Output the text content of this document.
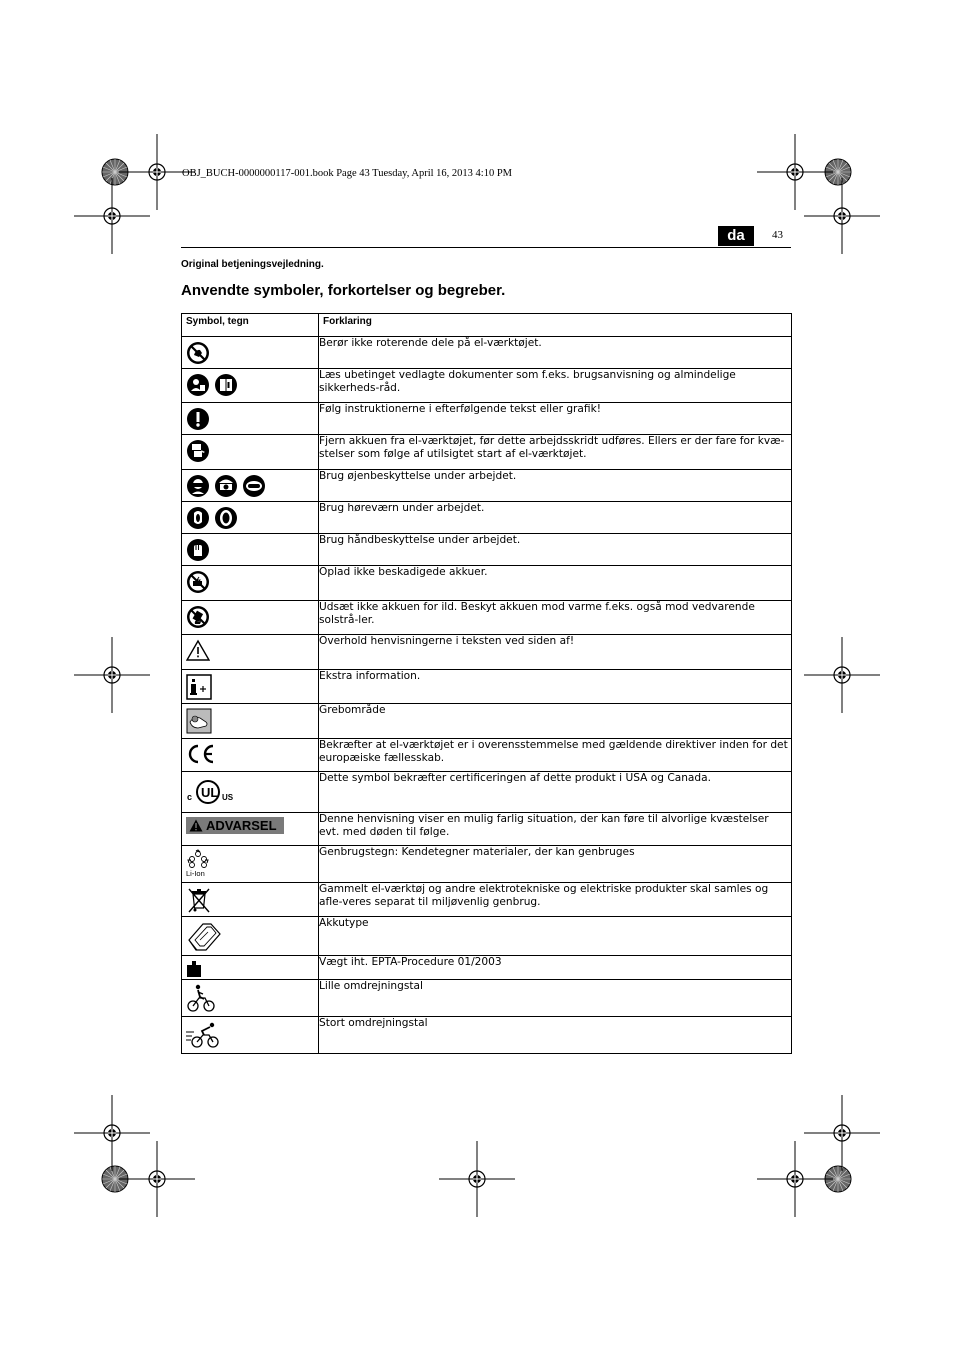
OBJ_BUCH-0000000117-001.book Page 43 Tuesday, April 16, 2013 4:10 PM
da	43
Original betjeningsvejledning.
Anvendte symboler, forkortelser og begreber.
Symbol, tegn	Forklaring

	Berør ikke roterende dele på el-værktøjet.

	Læs ubetinget vedlagte dokumenter som f.eks. brugsanvisning og almindelige sikkerheds-råd.

	Følg instruktionerne i efterfølgende tekst eller grafik!

	Fjern akkuen fra el-værktøjet, før dette arbejdsskridt udføres. Ellers er der fare for kvæ-stelser som følge af utilsigtet start af el-værktøjet.

	Brug øjenbeskyttelse under arbejdet.

	Brug høreværn under arbejdet.

	Brug håndbeskyttelse under arbejdet.

	Oplad ikke beskadigede akkuer.

	Udsæt ikke akkuen for ild. Beskyt akkuen mod varme f.eks. også mod vedvarende solstrå-ler.

	Overhold henvisningerne i teksten ved siden af!

	Ekstra information.

	Grebområde

	Bekræfter at el-værktøjet er i overensstemmelse med gældende direktiver inden for det europæiske fællesskab.

c UL US	Dette symbol bekræfter certificeringen af dette produkt i USA og Canada.

ADVARSEL	Denne henvisning viser en mulig farlig situation, der kan føre til alvorlige kvæstelser evt. med døden til følge.

Li-Ion	Genbrugstegn: Kendetegner materialer, der kan genbruges

	Gammelt el-værktøj og andre elektrotekniske og elektriske produkter skal samles og afle-veres separat til miljøvenlig genbrug.

	Akkutype

	Vægt iht. EPTA-Procedure 01/2003

	Lille omdrejningstal

	Stort omdrejningstal
